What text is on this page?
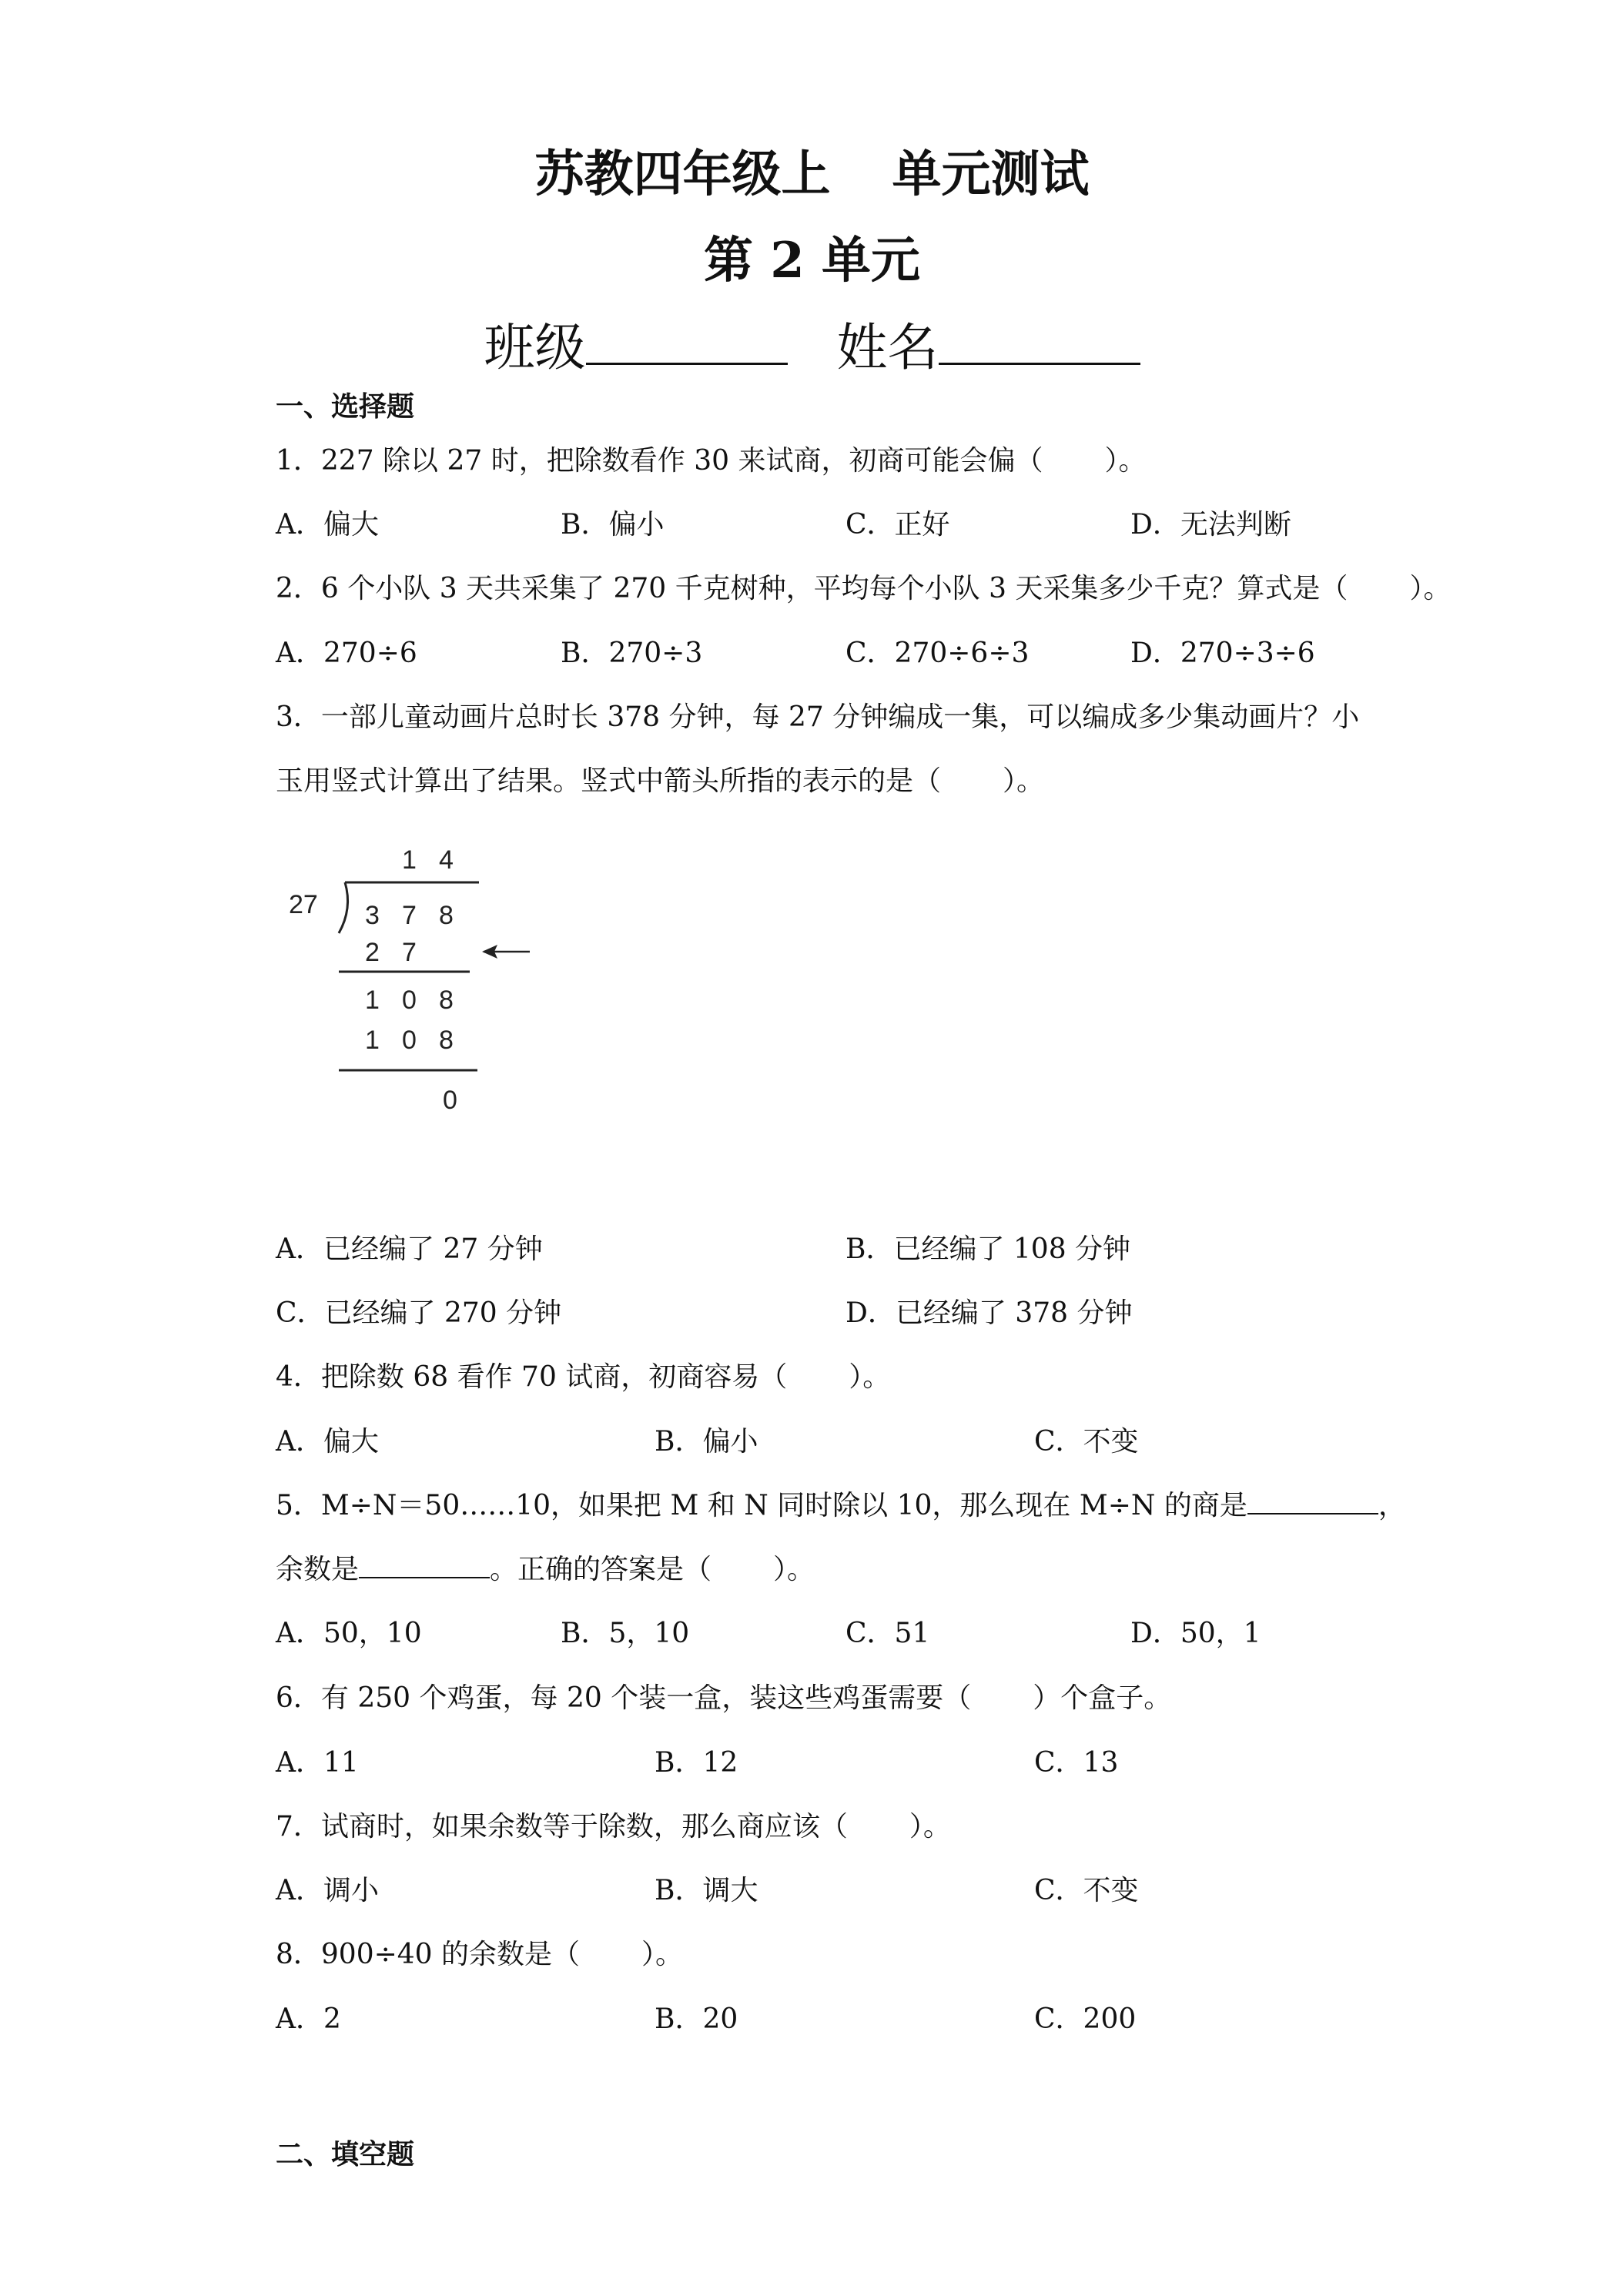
苏教四年级上 单元测试
第 2 单元
班级	姓名
一、选择题
1．227 除以 27 时，把除数看作 30 来试商，初商可能会偏（ ）。
A．偏大	B．偏小	C．正好	D．无法判断
2．6 个小队 3 天共采集了 270 千克树种，平均每个小队 3 天采集多少千克？算式是（ ）。
A．270÷6	B．270÷3	C．270÷6÷3	D．270÷3÷6
3．一部儿童动画片总时长 378 分钟，每 27 分钟编成一集，可以编成多少集动画片？小
玉用竖式计算出了结果。竖式中箭头所指的表示的是（ ）。
1 4
27 3 7 8
2 7
1 0 8
1 0 8
0
A．已经编了 27 分钟	B．已经编了 108 分钟
C．已经编了 270 分钟	D．已经编了 378 分钟
4．把除数 68 看作 70 试商，初商容易（ ）。
A．偏大	B．偏小	C．不变
5．M÷N＝50……10，如果把 M 和 N 同时除以 10，那么现在 M÷N 的商是	，
余数是	。正确的答案是（ ）。
A．50，10	B．5，10	C．51	D．50，1
6．有 250 个鸡蛋，每 20 个装一盒，装这些鸡蛋需要（ ）个盒子。
A．11	B．12	C．13
7．试商时，如果余数等于除数，那么商应该（ ）。
A．调小	B．调大	C．不变
8．900÷40 的余数是（ ）。
A．2	B．20	C．200
二、填空题
